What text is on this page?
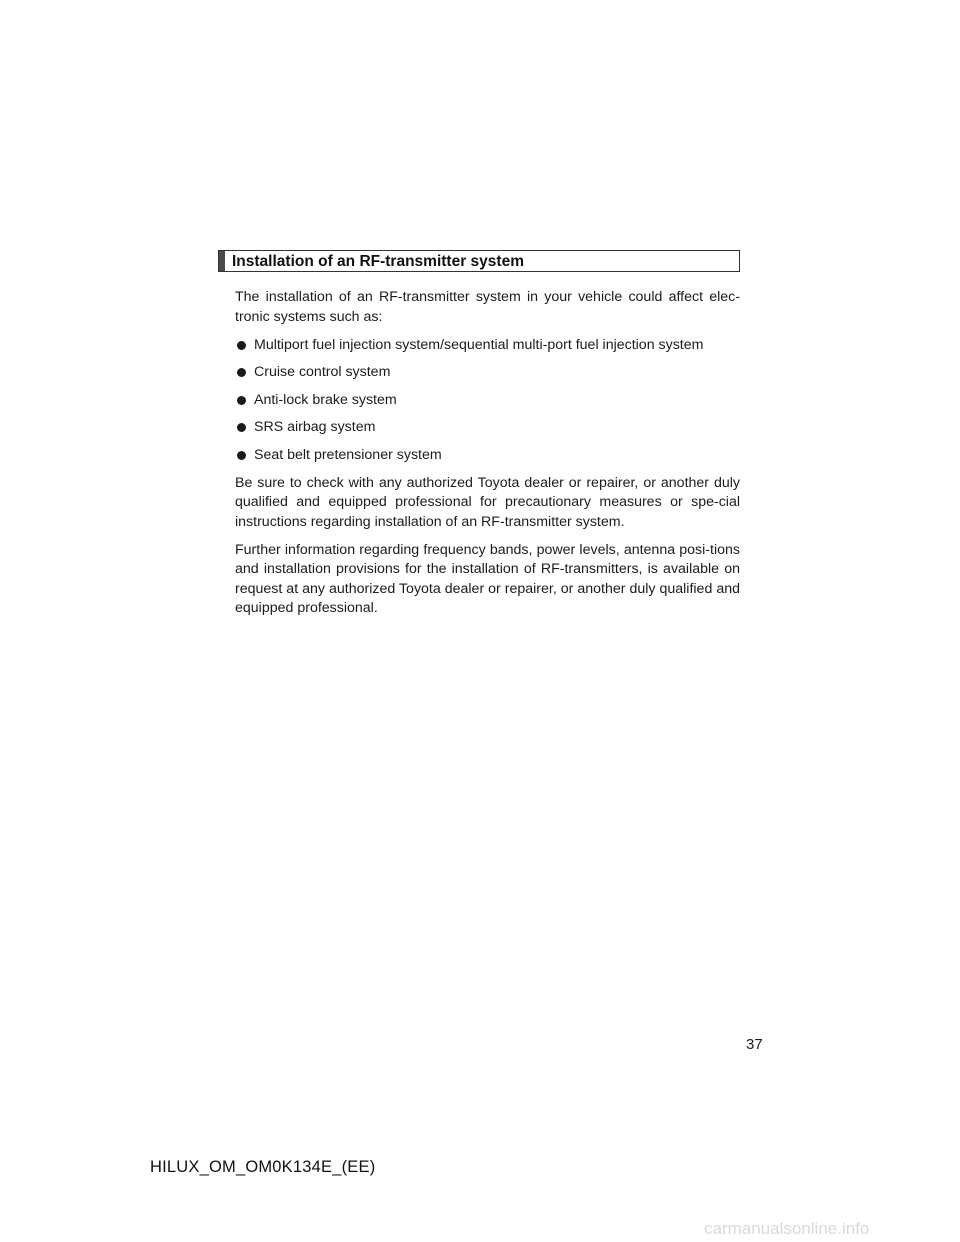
Installation of an RF-transmitter system

The installation of an RF-transmitter system in your vehicle could affect elec-tronic systems such as:

Multiport fuel injection system/sequential multi-port fuel injection system
Cruise control system
Anti-lock brake system
SRS airbag system
Seat belt pretensioner system

Be sure to check with any authorized Toyota dealer or repairer, or another duly qualified and equipped professional for precautionary measures or spe-cial instructions regarding installation of an RF-transmitter system.

Further information regarding frequency bands, power levels, antenna posi-tions and installation provisions for the installation of RF-transmitters, is available on request at any authorized Toyota dealer or repairer, or another duly qualified and equipped professional.

37
HILUX_OM_OM0K134E_(EE)
carmanualsonline.info
